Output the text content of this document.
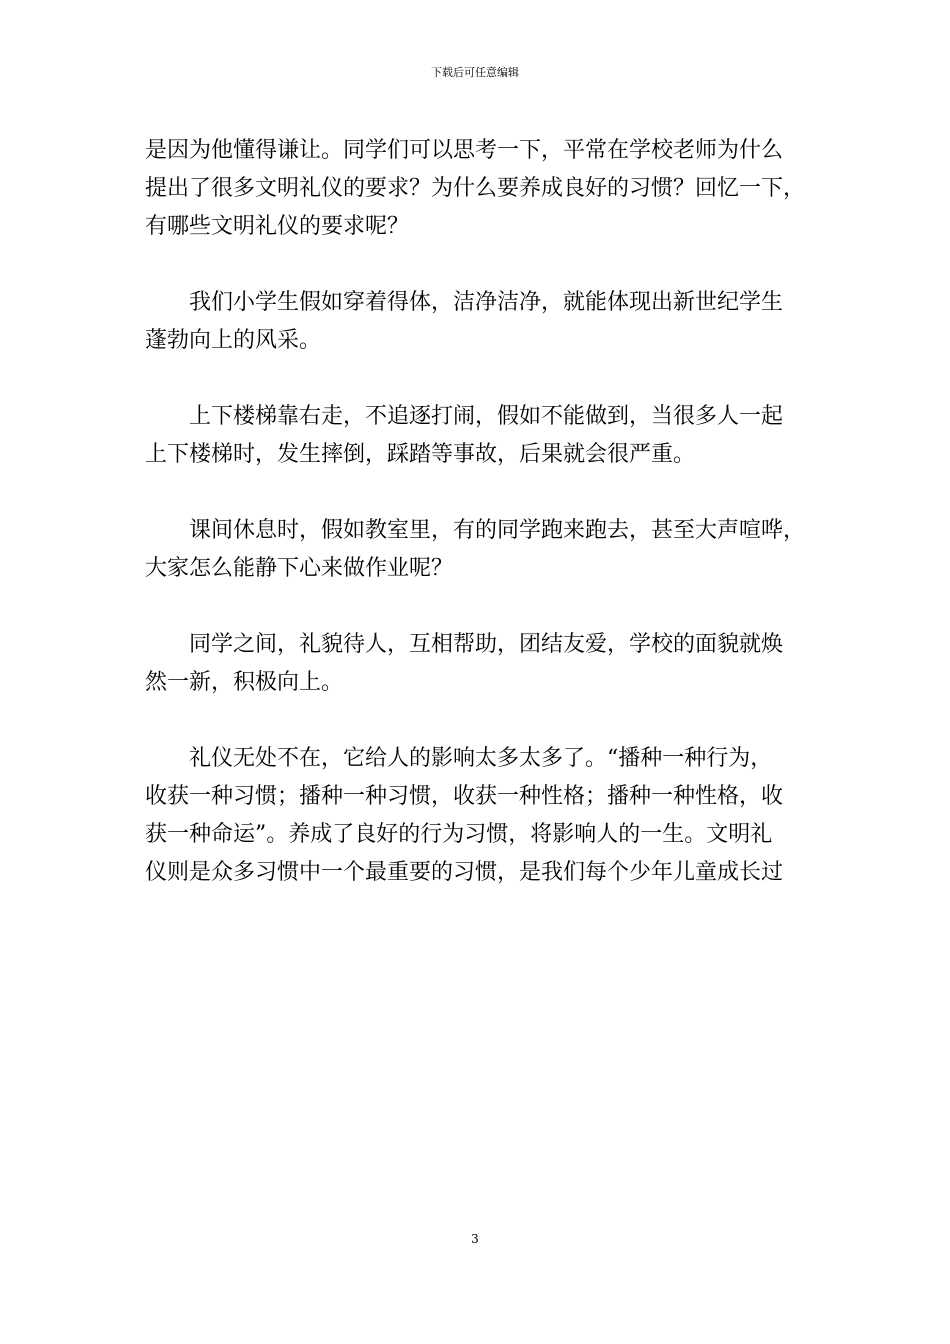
下载后可任意编辑
是因为他懂得谦让。同学们可以思考一下，平常在学校老师为什么
提出了很多文明礼仪的要求？为什么要养成良好的习惯？回忆一下，
有哪些文明礼仪的要求呢？
我们小学生假如穿着得体，洁净洁净，就能体现出新世纪学生
蓬勃向上的风采。
上下楼梯靠右走，不追逐打闹，假如不能做到，当很多人一起
上下楼梯时，发生摔倒，踩踏等事故，后果就会很严重。
课间休息时，假如教室里，有的同学跑来跑去，甚至大声喧哗，
大家怎么能静下心来做作业呢？
同学之间，礼貌待人，互相帮助，团结友爱，学校的面貌就焕
然一新，积极向上。
礼仪无处不在，它给人的影响太多太多了。“播种一种行为，
收获一种习惯；播种一种习惯，收获一种性格；播种一种性格，收
获一种命运”。养成了良好的行为习惯，将影响人的一生。文明礼
仪则是众多习惯中一个最重要的习惯，是我们每个少年儿童成长过
3
